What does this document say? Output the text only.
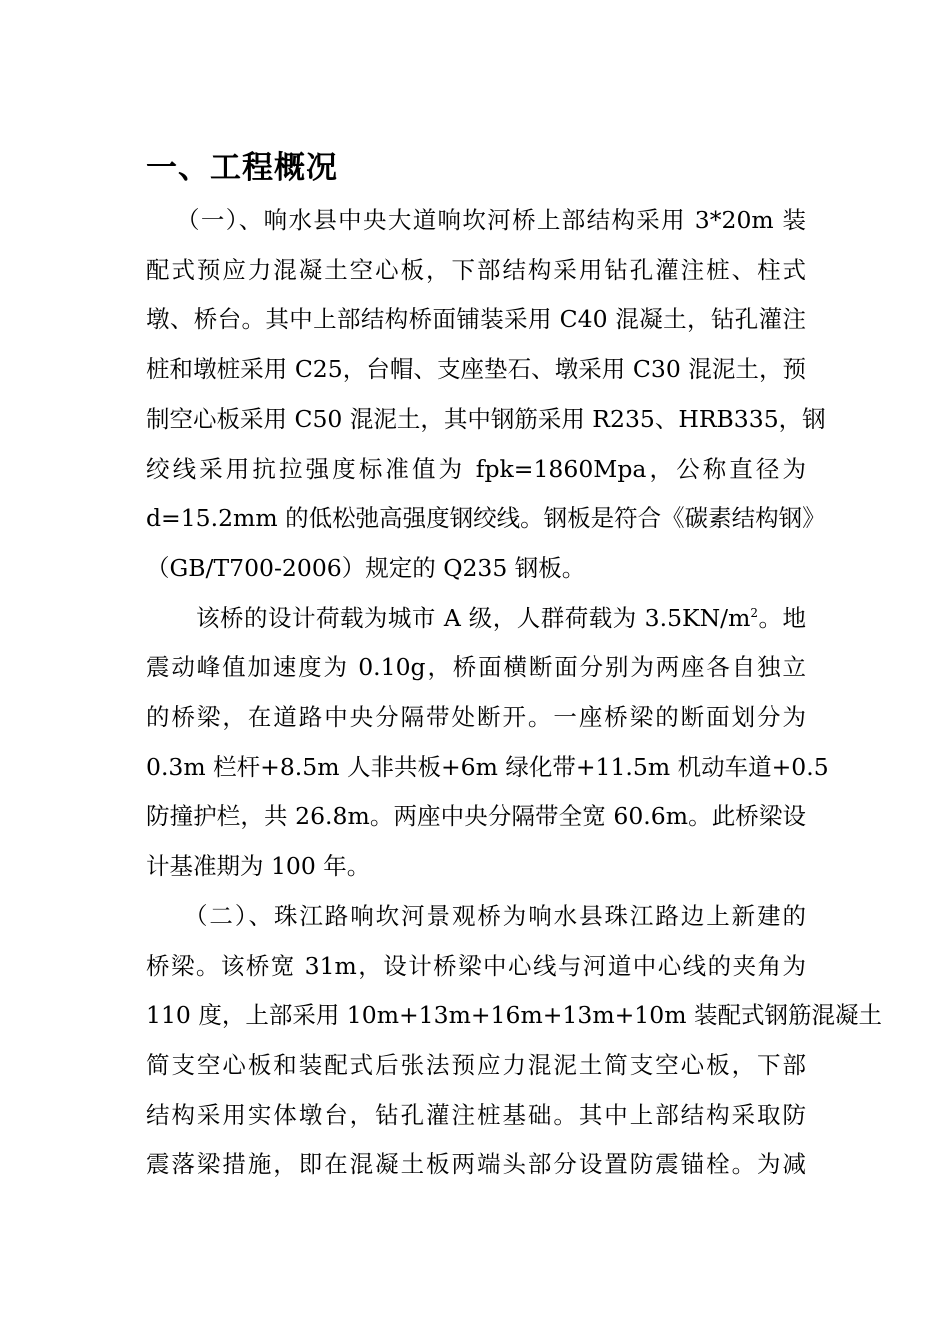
一、工程概况

（一）、响水县中央大道响坎河桥上部结构采用 3*20m 装
配式预应力混凝土空心板，下部结构采用钻孔灌注桩、柱式
墩、桥台。其中上部结构桥面铺装采用 C40 混凝土，钻孔灌注
桩和墩桩采用 C25，台帽、支座垫石、墩采用 C30 混泥土，预
制空心板采用 C50 混泥土，其中钢筋采用 R235、HRB335，钢
绞线采用抗拉强度标准值为 fpk=1860Mpa，公称直径为
d=15.2mm 的低松弛高强度钢绞线。钢板是符合《碳素结构钢》
（GB/T700-2006）规定的 Q235 钢板。

该桥的设计荷载为城市 A 级，人群荷载为 $3.5KN/m^2$。地
震动峰值加速度为 0.10g，桥面横断面分别为两座各自独立
的桥梁，在道路中央分隔带处断开。一座桥梁的断面划分为
0.3m 栏杆+8.5m 人非共板+6m 绿化带+11.5m 机动车道+0.5
防撞护栏，共 26.8m。两座中央分隔带全宽 60.6m。此桥梁设
计基准期为 100 年。

（二）、珠江路响坎河景观桥为响水县珠江路边上新建的
桥梁。该桥宽 31m，设计桥梁中心线与河道中心线的夹角为
110 度，上部采用 10m+13m+16m+13m+10m 装配式钢筋混凝土
简支空心板和装配式后张法预应力混泥土简支空心板，下部
结构采用实体墩台，钻孔灌注桩基础。其中上部结构采取防
震落梁措施，即在混凝土板两端头部分设置防震锚栓。为减
